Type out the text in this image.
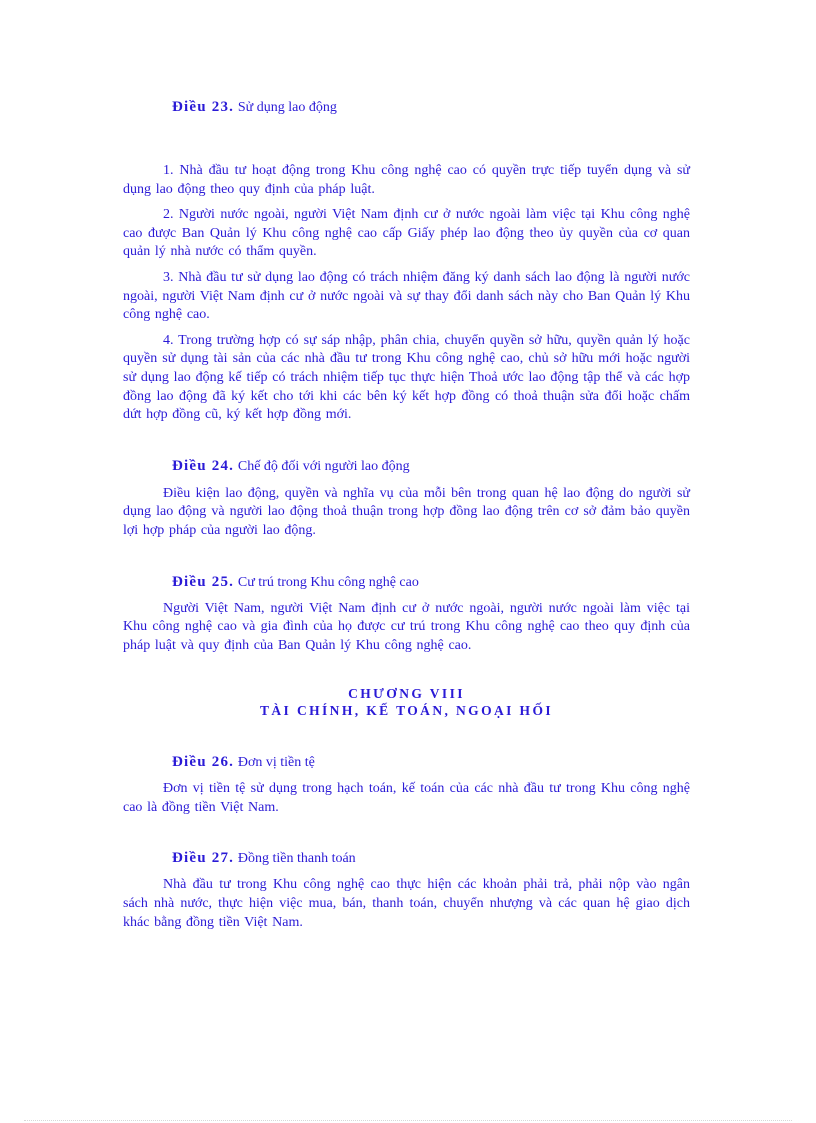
Điều 23. Sử dụng lao động

1. Nhà đầu tư hoạt động trong Khu công nghệ cao có quyền trực tiếp tuyển dụng và sử dụng lao động theo quy định của pháp luật.

2. Người nước ngoài, người Việt Nam định cư ở nước ngoài làm việc tại Khu công nghệ cao được Ban Quản lý Khu công nghệ cao cấp Giấy phép lao động theo ủy quyền của cơ quan quản lý nhà nước có thẩm quyền.

3. Nhà đầu tư sử dụng lao động có trách nhiệm đăng ký danh sách lao động là người nước ngoài, người Việt Nam định cư ở nước ngoài và sự thay đổi danh sách này cho Ban Quản lý Khu công nghệ cao.

4. Trong trường hợp có sự sáp nhập, phân chia, chuyển quyền sở hữu, quyền quản lý hoặc quyền sử dụng tài sản của các nhà đầu tư trong Khu công nghệ cao, chủ sở hữu mới hoặc người sử dụng lao động kế tiếp có trách nhiệm tiếp tục thực hiện Thoả ước lao động tập thể và các hợp đồng lao động đã ký kết cho tới khi các bên ký kết hợp đồng có thoả thuận sửa đổi hoặc chấm dứt hợp đồng cũ, ký kết hợp đồng mới.

Điều 24. Chế độ đối với người lao động

Điều kiện lao động, quyền và nghĩa vụ của mỗi bên trong quan hệ lao động do người sử dụng lao động và người lao động thoả thuận trong hợp đồng lao động trên cơ sở đảm bảo quyền lợi hợp pháp của người lao động.

Điều 25. Cư trú trong Khu công nghệ cao

Người Việt Nam, người Việt Nam định cư ở nước ngoài, người nước ngoài làm việc tại Khu công nghệ cao và gia đình của họ được cư trú trong Khu công nghệ cao theo quy định của pháp luật và quy định của Ban Quản lý Khu công nghệ cao.

CHƯƠNG VIII

TÀI CHÍNH, KẾ TOÁN, NGOẠI HỐI

Điều 26. Đơn vị tiền tệ

Đơn vị tiền tệ sử dụng trong hạch toán, kế toán của các nhà đầu tư trong Khu công nghệ cao là đồng tiền Việt Nam.

Điều 27. Đồng tiền thanh toán

Nhà đầu tư trong Khu công nghệ cao thực hiện các khoản phải trả, phải nộp vào ngân sách nhà nước, thực hiện việc mua, bán, thanh toán, chuyển nhượng và các quan hệ giao dịch khác bằng đồng tiền Việt Nam.
